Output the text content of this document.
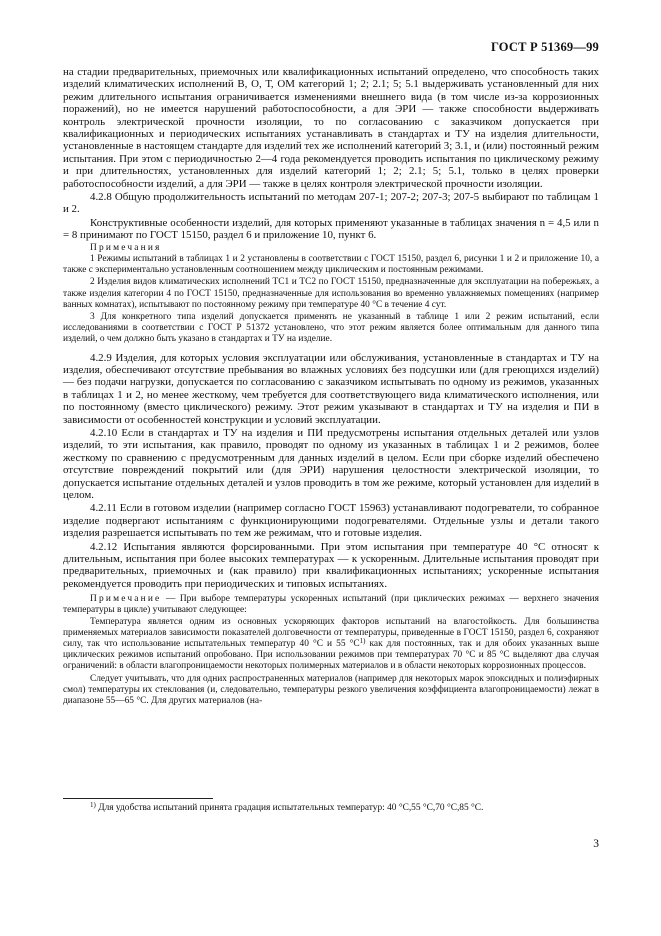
ГОСТ Р 51369—99

на стадии предварительных, приемочных или квалификационных испытаний определено, что способность таких изделий климатических исполнений В, О, Т, ОМ категорий 1; 2; 2.1; 5; 5.1 выдерживать установленный для них режим длительного испытания ограничивается изменениями внешнего вида (в том числе из-за коррозионных поражений), но не имеется нарушений работоспособности, а для ЭРИ — также способности выдерживать контроль электрической прочности изоляции, то по согласованию с заказчиком допускается при квалификационных и периодических испытаниях устанавливать в стандартах и ТУ на изделия длительности, установленные в настоящем стандарте для изделий тех же исполнений категорий 3; 3.1, и (или) постоянный режим испытания. При этом с периодичностью 2—4 года рекомендуется проводить испытания по циклическому режиму и при длительностях, установленных для изделий категорий 1; 2; 2.1; 5; 5.1, только в целях проверки работоспособности изделий, а для ЭРИ — также в целях контроля электрической прочности изоляции.

4.2.8 Общую продолжительность испытаний по методам 207-1; 207-2; 207-3; 207-5 выбирают по таблицам 1 и 2.

Конструктивные особенности изделий, для которых применяют указанные в таблицах значения n = 4,5 или n = 8 принимают по ГОСТ 15150, раздел 6 и приложение 10, пункт 6.

Примечания

1 Режимы испытаний в таблицах 1 и 2 установлены в соответствии с ГОСТ 15150, раздел 6, рисунки 1 и 2 и приложение 10, а также с экспериментально установленным соотношением между циклическим и постоянным режимами.

2 Изделия видов климатических исполнений ТС1 и ТС2 по ГОСТ 15150, предназначенные для эксплуатации на побережьях, а также изделия категории 4 по ГОСТ 15150, предназначенные для использования во временно увлажняемых помещениях (например ванных комнатах), испытывают по постоянному режиму при температуре 40 °С в течение 4 сут.

3 Для конкретного типа изделий допускается применять не указанный в таблице 1 или 2 режим испытаний, если исследованиями в соответствии с ГОСТ Р 51372 установлено, что этот режим является более оптимальным для данного типа изделий, о чем должно быть указано в стандартах и ТУ на изделие.

4.2.9 Изделия, для которых условия эксплуатации или обслуживания, установленные в стандартах и ТУ на изделия, обеспечивают отсутствие пребывания во влажных условиях без подсушки или (для греющихся изделий) — без подачи нагрузки, допускается по согласованию с заказчиком испытывать по одному из режимов, указанных в таблицах 1 и 2, но менее жесткому, чем требуется для соответствующего вида климатического исполнения, или по постоянному (вместо циклического) режиму. Этот режим указывают в стандартах и ТУ на изделия и ПИ в зависимости от особенностей конструкции и условий эксплуатации.

4.2.10 Если в стандартах и ТУ на изделия и ПИ предусмотрены испытания отдельных деталей или узлов изделий, то эти испытания, как правило, проводят по одному из указанных в таблицах 1 и 2 режимов, более жесткому по сравнению с предусмотренным для данных изделий в целом. Если при сборке изделий обеспечено отсутствие повреждений покрытий или (для ЭРИ) нарушения целостности электрической изоляции, то допускается испытание отдельных деталей и узлов проводить в том же режиме, который установлен для изделий в целом.

4.2.11 Если в готовом изделии (например согласно ГОСТ 15963) устанавливают подогреватели, то собранное изделие подвергают испытаниям с функционирующими подогревателями. Отдельные узлы и детали такого изделия разрешается испытывать по тем же режимам, что и готовые изделия.

4.2.12 Испытания являются форсированными. При этом испытания при температуре 40 °С относят к длительным, испытания при более высоких температурах — к ускоренным. Длительные испытания проводят при предварительных, приемочных и (как правило) при квалификационных испытаниях; ускоренные испытания рекомендуется проводить при периодических и типовых испытаниях.

Примечание — При выборе температуры ускоренных испытаний (при циклических режимах — верхнего значения температуры в цикле) учитывают следующее:

Температура является одним из основных ускоряющих факторов испытаний на влагостойкость. Для большинства применяемых материалов зависимости показателей долговечности от температуры, приведенные в ГОСТ 15150, раздел 6, сохраняют силу, так что использование испытательных температур 40 °С и 55 $^\circ С^{1)}$ как для постоянных, так и для обоих указанных выше циклических режимов испытаний опробовано. При использовании режимов при температурах 70 °С и 85 °С выделяют два случая ограничений: в области влагопроницаемости некоторых полимерных материалов и в области некоторых коррозионных процессов.

Следует учитывать, что для одних распространенных материалов (например для некоторых марок эпоксидных и полиэфирных смол) температуры их стеклования (и, следовательно, температуры резкого увеличения коэффициента влагопроницаемости) лежат в диапазоне 55—65 °С. Для других материалов (на-

$^{1)}$ Для удобства испытаний принята градация испытательных температур: 40 °С,55 °С,70 °С,85 °С.
3
